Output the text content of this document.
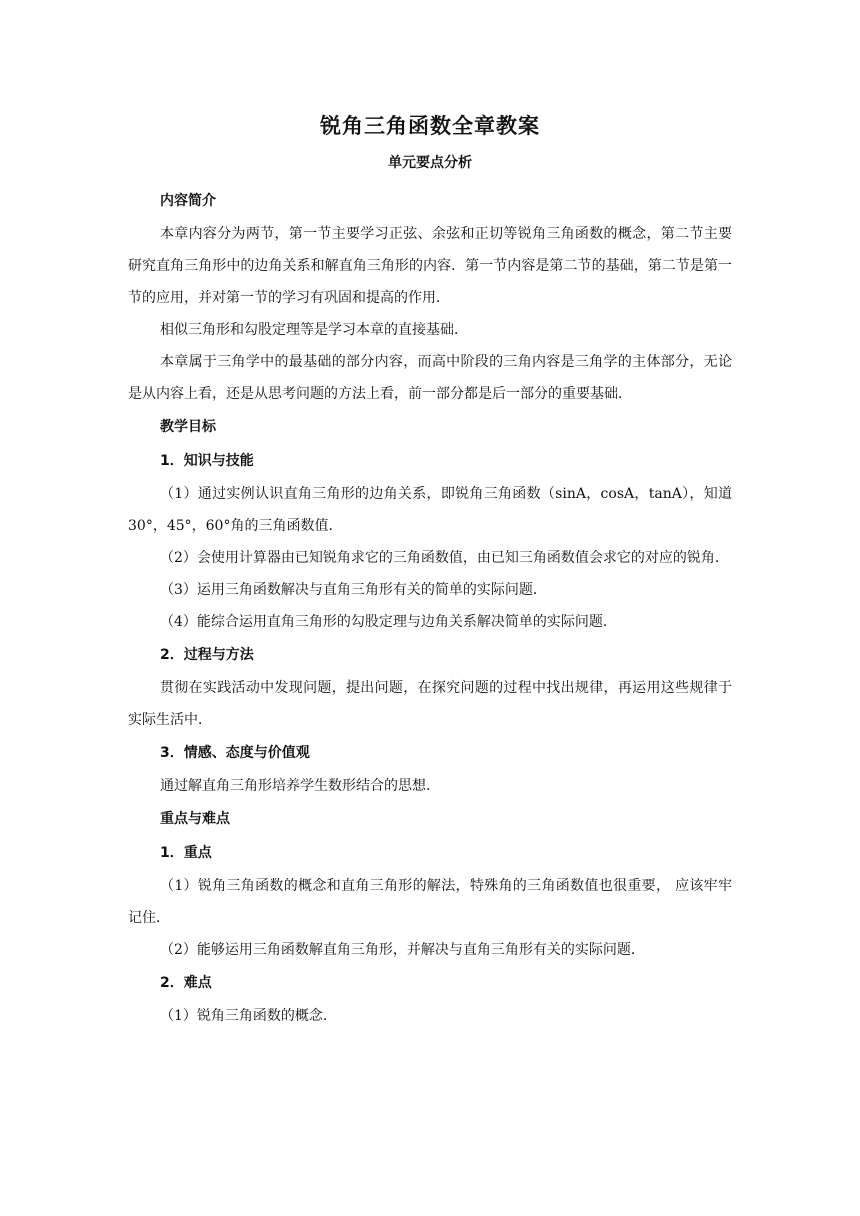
锐角三角函数全章教案
单元要点分析

内容简介

本章内容分为两节，第一节主要学习正弦、余弦和正切等锐角三角函数的概念，第二节主要研究直角三角形中的边角关系和解直角三角形的内容．第一节内容是第二节的基础，第二节是第一节的应用，并对第一节的学习有巩固和提高的作用．

相似三角形和勾股定理等是学习本章的直接基础．

本章属于三角学中的最基础的部分内容，而高中阶段的三角内容是三角学的主体部分，无论是从内容上看，还是从思考问题的方法上看，前一部分都是后一部分的重要基础．

教学目标

1．知识与技能

（1）通过实例认识直角三角形的边角关系，即锐角三角函数（sinA，cosA，tanA），知道 30°，45°，60°角的三角函数值．

（2）会使用计算器由已知锐角求它的三角函数值，由已知三角函数值会求它的对应的锐角．

（3）运用三角函数解决与直角三角形有关的简单的实际问题．

（4）能综合运用直角三角形的勾股定理与边角关系解决简单的实际问题．

2．过程与方法

贯彻在实践活动中发现问题，提出问题，在探究问题的过程中找出规律，再运用这些规律于实际生活中．

3．情感、态度与价值观

通过解直角三角形培养学生数形结合的思想．

重点与难点

1．重点

（1）锐角三角函数的概念和直角三角形的解法，特殊角的三角函数值也很重要， 应该牢牢记住．

（2）能够运用三角函数解直角三角形，并解决与直角三角形有关的实际问题．

2．难点

（1）锐角三角函数的概念．
